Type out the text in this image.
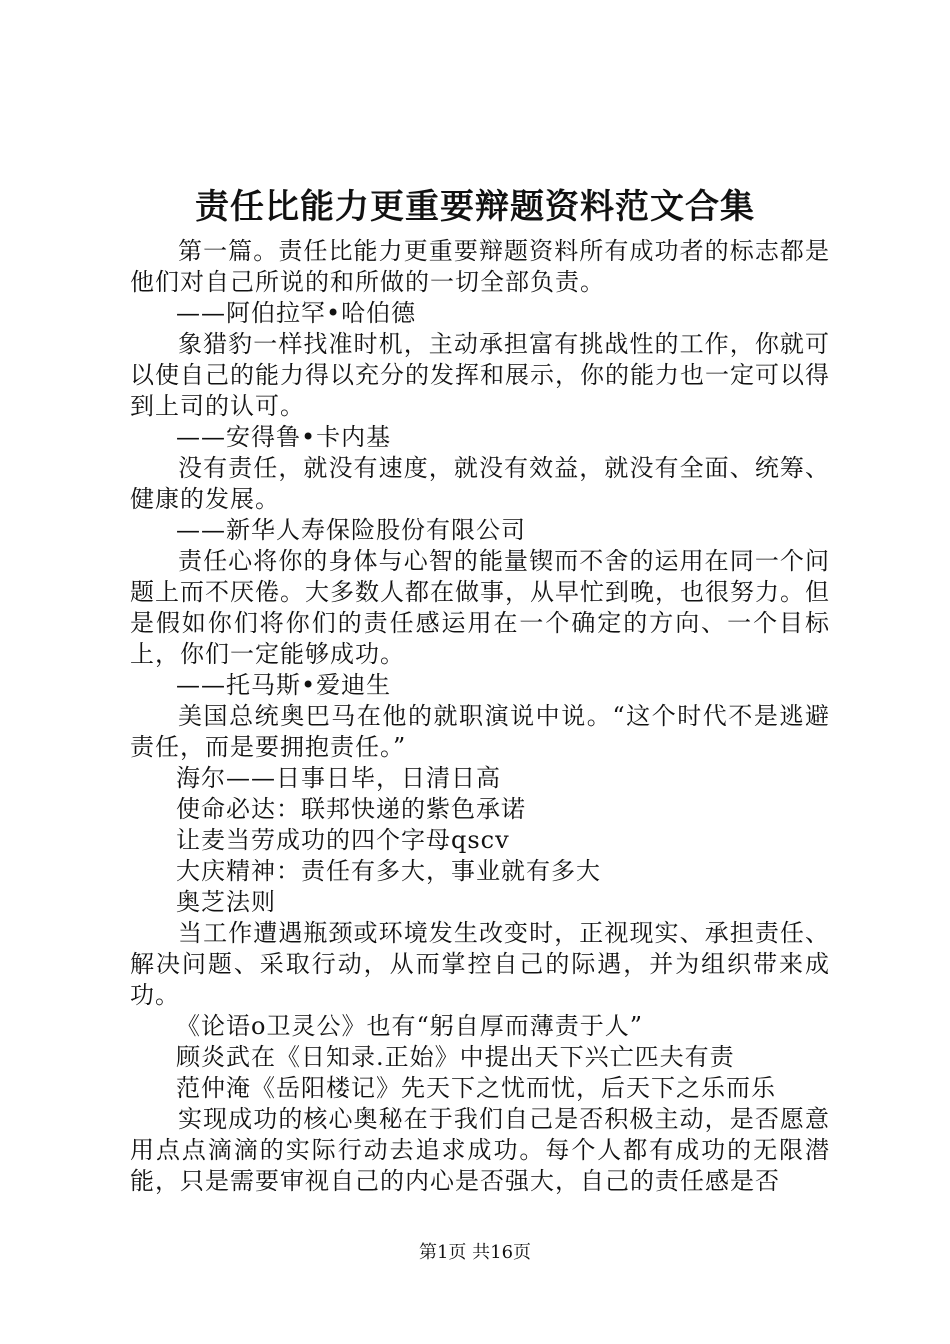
责任比能力更重要辩题资料范文合集

第一篇。责任比能力更重要辩题资料所有成功者的标志都是他们对自己所说的和所做的一切全部负责。

——阿伯拉罕•哈伯德

象猎豹一样找准时机，主动承担富有挑战性的工作，你就可以使自己的能力得以充分的发挥和展示，你的能力也一定可以得到上司的认可。

——安得鲁•卡内基

没有责任，就没有速度，就没有效益，就没有全面、统筹、健康的发展。

——新华人寿保险股份有限公司

责任心将你的身体与心智的能量锲而不舍的运用在同一个问题上而不厌倦。大多数人都在做事，从早忙到晚，也很努力。但是假如你们将你们的责任感运用在一个确定的方向、一个目标上，你们一定能够成功。

——托马斯•爱迪生

美国总统奥巴马在他的就职演说中说。“这个时代不是逃避责任，而是要拥抱责任。”

海尔——日事日毕，日清日高

使命必达：联邦快递的紫色承诺

让麦当劳成功的四个字母qscv

大庆精神：责任有多大，事业就有多大

奥芝法则

当工作遭遇瓶颈或环境发生改变时，正视现实、承担责任、解决问题、采取行动，从而掌控自己的际遇，并为组织带来成功。

《论语o卫灵公》也有“躬自厚而薄责于人”

顾炎武在《日知录.正始》中提出天下兴亡匹夫有责

范仲淹《岳阳楼记》先天下之忧而忧，后天下之乐而乐

实现成功的核心奥秘在于我们自己是否积极主动，是否愿意用点点滴滴的实际行动去追求成功。每个人都有成功的无限潜能，只是需要审视自己的内心是否强大，自己的责任感是否

第1页 共16页
